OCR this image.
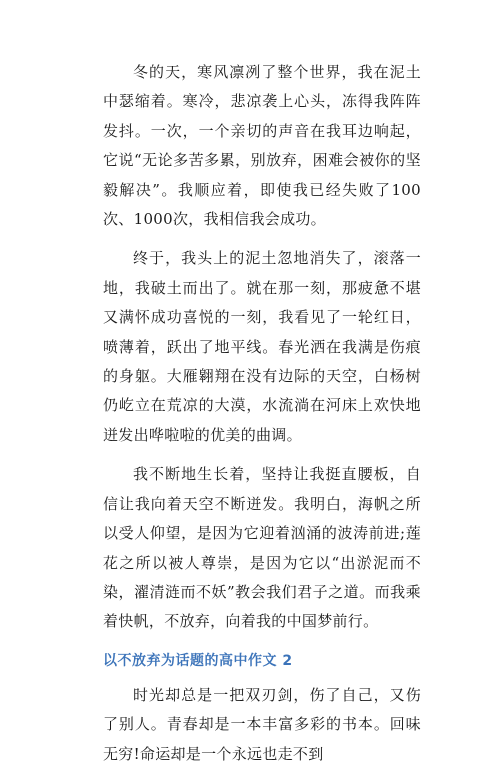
冬的天，寒风凛冽了整个世界，我在泥土中瑟缩着。寒冷，悲凉袭上心头，冻得我阵阵发抖。一次，一个亲切的声音在我耳边响起，它说“无论多苦多累，别放弃，困难会被你的坚毅解决”。我顺应着，即使我已经失败了100次、1000次，我相信我会成功。

终于，我头上的泥土忽地消失了，滚落一地，我破土而出了。就在那一刻，那疲惫不堪又满怀成功喜悦的一刻，我看见了一轮红日，喷薄着，跃出了地平线。春光洒在我满是伤痕的身躯。大雁翱翔在没有边际的天空，白杨树仍屹立在荒凉的大漠，水流淌在河床上欢快地迸发出哗啦啦的优美的曲调。

我不断地生长着，坚持让我挺直腰板，自信让我向着天空不断迸发。我明白，海帆之所以受人仰望，是因为它迎着汹涌的波涛前进;莲花之所以被人尊崇，是因为它以“出淤泥而不染，濯清涟而不妖”教会我们君子之道。而我乘着快帆，不放弃，向着我的中国梦前行。

以不放弃为话题的高中作文 2

时光却总是一把双刃剑，伤了自己，又伤了别人。青春却是一本丰富多彩的书本。回味无穷!命运却是一个永远也走不到
